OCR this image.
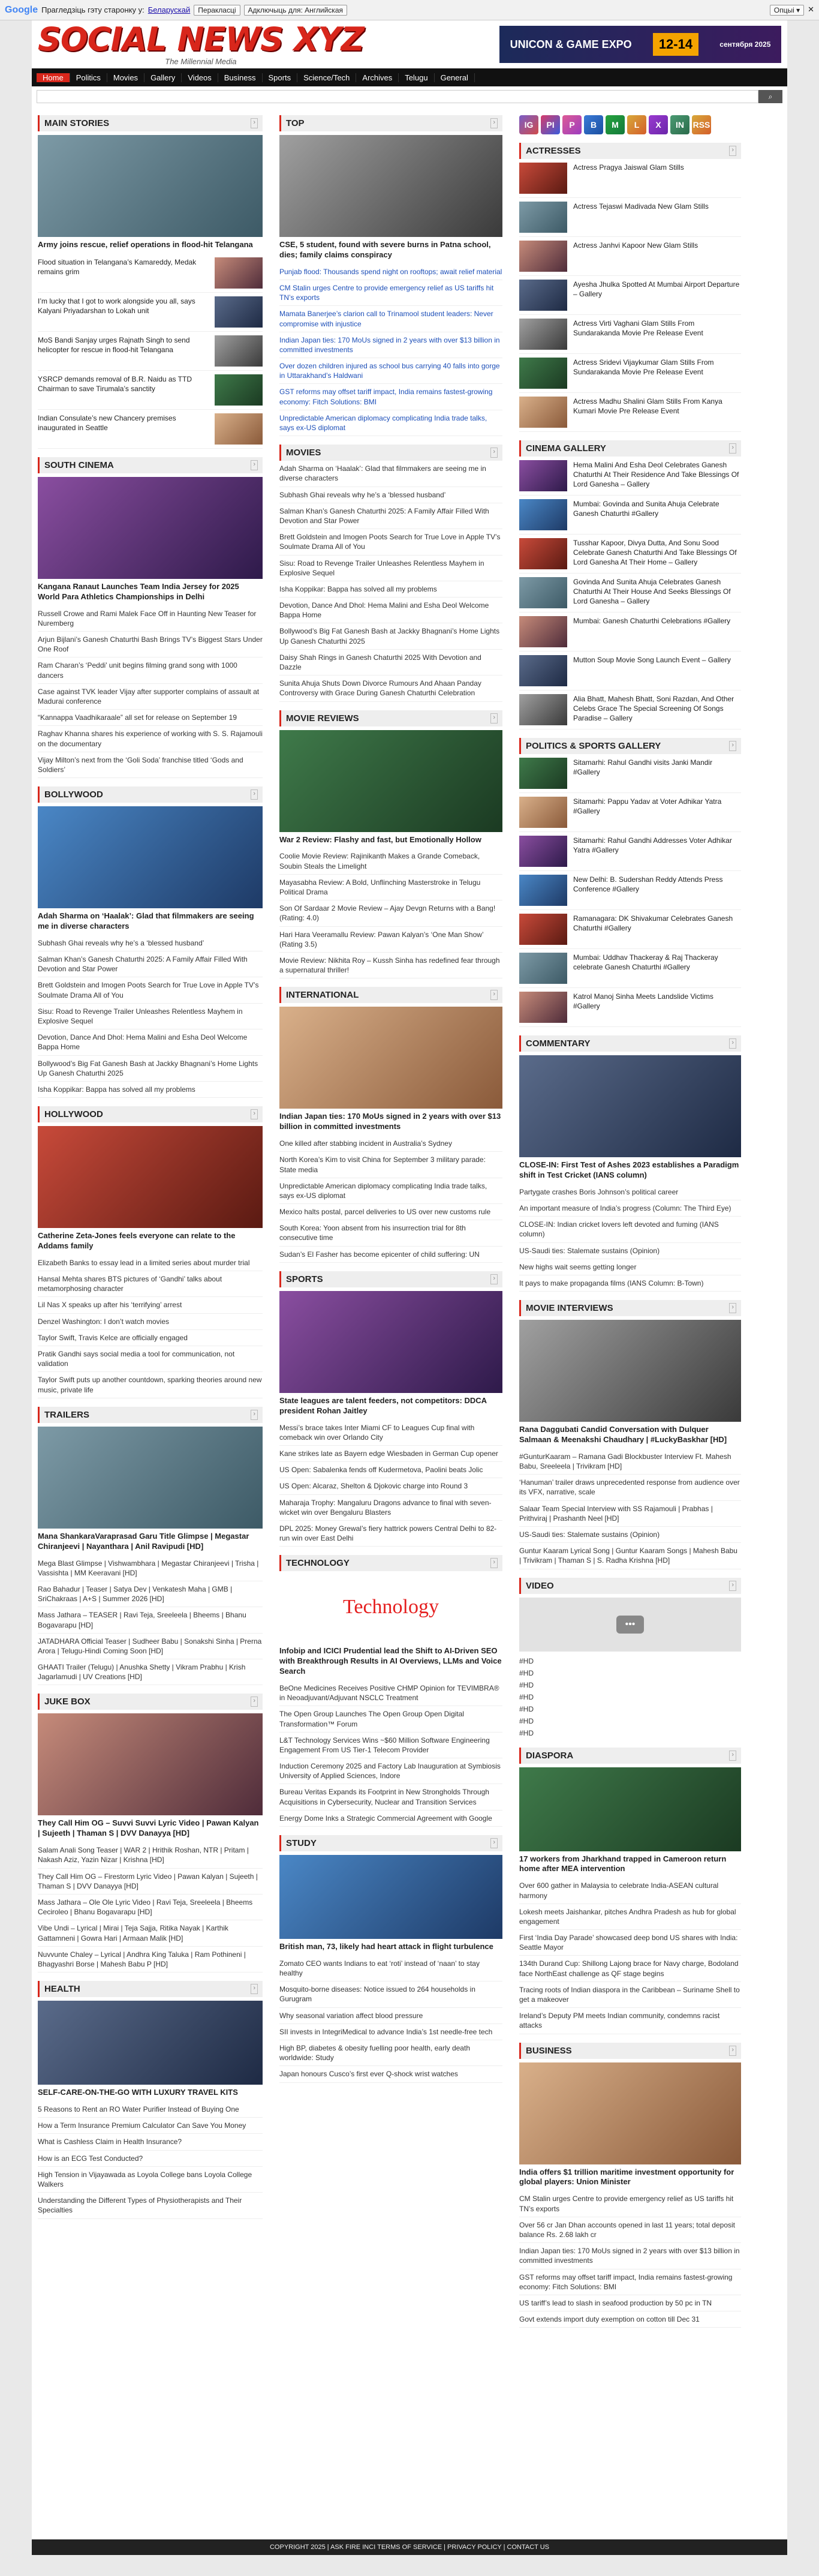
Google Прагледзіць гэту старонку у: Беларускай	Перакласці	Адключыць для: Английская	Опцыі ▾	✕
SOCIAL NEWS XYZ
The Millennial Media
UNICON & GAME EXPO	12-14	сентября 2025
Home	Politics	Movies	Gallery	Videos	Business	Sports	Science/Tech	Archives	Telugu	General
⌕
MAIN STORIES	›
Army joins rescue, relief operations in flood-hit Telangana
Flood situation in Telangana’s Kamareddy, Medak remains grim
I’m lucky that I got to work alongside you all, says Kalyani Priyadarshan to Lokah unit
MoS Bandi Sanjay urges Rajnath Singh to send helicopter for rescue in flood-hit Telangana
YSRCP demands removal of B.R. Naidu as TTD Chairman to save Tirumala’s sanctity
Indian Consulate’s new Chancery premises inaugurated in Seattle
SOUTH CINEMA	›
Kangana Ranaut Launches Team India Jersey for 2025 World Para Athletics Championships in Delhi
Russell Crowe and Rami Malek Face Off in Haunting New Teaser for Nuremberg
Arjun Bijlani’s Ganesh Chaturthi Bash Brings TV’s Biggest Stars Under One Roof
Ram Charan’s ‘Peddi’ unit begins filming grand song with 1000 dancers
Case against TVK leader Vijay after supporter complains of assault at Madurai conference
“Kannappa Vaadhikaraale” all set for release on September 19
Raghav Khanna shares his experience of working with S. S. Rajamouli on the documentary
Vijay Milton’s next from the ‘Goli Soda’ franchise titled ‘Gods and Soldiers’
BOLLYWOOD	›
Adah Sharma on ‘Haalak’: Glad that filmmakers are seeing me in diverse characters
Subhash Ghai reveals why he’s a ‘blessed husband’
Salman Khan’s Ganesh Chaturthi 2025: A Family Affair Filled With Devotion and Star Power
Brett Goldstein and Imogen Poots Search for True Love in Apple TV’s Soulmate Drama All of You
Sisu: Road to Revenge Trailer Unleashes Relentless Mayhem in Explosive Sequel
Devotion, Dance And Dhol: Hema Malini and Esha Deol Welcome Bappa Home
Bollywood’s Big Fat Ganesh Bash at Jackky Bhagnani’s Home Lights Up Ganesh Chaturthi 2025
Isha Koppikar: Bappa has solved all my problems
HOLLYWOOD	›
Catherine Zeta-Jones feels everyone can relate to the Addams family
Elizabeth Banks to essay lead in a limited series about murder trial
Hansal Mehta shares BTS pictures of ‘Gandhi’ talks about metamorphosing character
Lil Nas X speaks up after his ‘terrifying’ arrest
Denzel Washington: I don’t watch movies
Taylor Swift, Travis Kelce are officially engaged
Pratik Gandhi says social media a tool for communication, not validation
Taylor Swift puts up another countdown, sparking theories around new music, private life
TRAILERS	›
Mana ShankaraVaraprasad Garu Title Glimpse | Megastar Chiranjeevi | Nayanthara | Anil Ravipudi [HD]
Mega Blast Glimpse | Vishwambhara | Megastar Chiranjeevi | Trisha | Vassishta | MM Keeravani [HD]
Rao Bahadur | Teaser | Satya Dev | Venkatesh Maha | GMB | SriChakraas | A+S | Summer 2026 [HD]
Mass Jathara – TEASER | Ravi Teja, Sreeleela | Bheems | Bhanu Bogavarapu [HD]
JATADHARA Official Teaser | Sudheer Babu | Sonakshi Sinha | Prerna Arora | Telugu-Hindi Coming Soon [HD]
GHAATI Trailer (Telugu) | Anushka Shetty | Vikram Prabhu | Krish Jagarlamudi | UV Creations [HD]
JUKE BOX	›
They Call Him OG – Suvvi Suvvi Lyric Video | Pawan Kalyan | Sujeeth | Thaman S | DVV Danayya [HD]
Salam Anali Song Teaser | WAR 2 | Hrithik Roshan, NTR | Pritam | Nakash Aziz, Yazin Nizar | Krishna [HD]
They Call Him OG – Firestorm Lyric Video | Pawan Kalyan | Sujeeth | Thaman S | DVV Danayya [HD]
Mass Jathara – Ole Ole Lyric Video | Ravi Teja, Sreeleela | Bheems Ceciroleo | Bhanu Bogavarapu [HD]
Vibe Undi – Lyrical | Mirai | Teja Sajja, Ritika Nayak | Karthik Gattamneni | Gowra Hari | Armaan Malik [HD]
Nuvvunte Chaley – Lyrical | Andhra King Taluka | Ram Pothineni | Bhagyashri Borse | Mahesh Babu P [HD]
HEALTH	›
SELF-CARE-ON-THE-GO WITH LUXURY TRAVEL KITS
5 Reasons to Rent an RO Water Purifier Instead of Buying One
How a Term Insurance Premium Calculator Can Save You Money
What is Cashless Claim in Health Insurance?
How is an ECG Test Conducted?
High Tension in Vijayawada as Loyola College bans Loyola College Walkers
Understanding the Different Types of Physiotherapists and Their Specialties
TOP	›
CSE, 5 student, found with severe burns in Patna school, dies; family claims conspiracy
Punjab flood: Thousands spend night on rooftops; await relief material
CM Stalin urges Centre to provide emergency relief as US tariffs hit TN’s exports
Mamata Banerjee’s clarion call to Trinamool student leaders: Never compromise with injustice
Indian Japan ties: 170 MoUs signed in 2 years with over $13 billion in committed investments
Over dozen children injured as school bus carrying 40 falls into gorge in Uttarakhand’s Haldwani
GST reforms may offset tariff impact, India remains fastest-growing economy: Fitch Solutions: BMI
Unpredictable American diplomacy complicating India trade talks, says ex-US diplomat
MOVIES	›
Adah Sharma on ‘Haalak’: Glad that filmmakers are seeing me in diverse characters
Subhash Ghai reveals why he’s a ‘blessed husband’
Salman Khan’s Ganesh Chaturthi 2025: A Family Affair Filled With Devotion and Star Power
Brett Goldstein and Imogen Poots Search for True Love in Apple TV’s Soulmate Drama All of You
Sisu: Road to Revenge Trailer Unleashes Relentless Mayhem in Explosive Sequel
Isha Koppikar: Bappa has solved all my problems
Devotion, Dance And Dhol: Hema Malini and Esha Deol Welcome Bappa Home
Bollywood’s Big Fat Ganesh Bash at Jackky Bhagnani’s Home Lights Up Ganesh Chaturthi 2025
Daisy Shah Rings in Ganesh Chaturthi 2025 With Devotion and Dazzle
Sunita Ahuja Shuts Down Divorce Rumours And Ahaan Panday Controversy with Grace During Ganesh Chaturthi Celebration
MOVIE REVIEWS	›
War 2 Review: Flashy and fast, but Emotionally Hollow
Coolie Movie Review: Rajinikanth Makes a Grande Comeback, Soubin Steals the Limelight
Mayasabha Review: A Bold, Unflinching Masterstroke in Telugu Political Drama
Son Of Sardaar 2 Movie Review – Ajay Devgn Returns with a Bang! (Rating: 4.0)
Hari Hara Veeramallu Review: Pawan Kalyan’s ‘One Man Show’ (Rating 3.5)
Movie Review: Nikhita Roy – Kussh Sinha has redefined fear through a supernatural thriller!
INTERNATIONAL	›
Indian Japan ties: 170 MoUs signed in 2 years with over $13 billion in committed investments
One killed after stabbing incident in Australia’s Sydney
North Korea’s Kim to visit China for September 3 military parade: State media
Unpredictable American diplomacy complicating India trade talks, says ex-US diplomat
Mexico halts postal, parcel deliveries to US over new customs rule
South Korea: Yoon absent from his insurrection trial for 8th consecutive time
Sudan’s El Fasher has become epicenter of child suffering: UN
SPORTS	›
State leagues are talent feeders, not competitors: DDCA president Rohan Jaitley
Messi’s brace takes Inter Miami CF to Leagues Cup final with comeback win over Orlando City
Kane strikes late as Bayern edge Wiesbaden in German Cup opener
US Open: Sabalenka fends off Kudermetova, Paolini beats Jolic
US Open: Alcaraz, Shelton & Djokovic charge into Round 3
Maharaja Trophy: Mangaluru Dragons advance to final with seven-wicket win over Bengaluru Blasters
DPL 2025: Money Grewal’s fiery hattrick powers Central Delhi to 82-run win over East Delhi
TECHNOLOGY	›
Technology
Infobip and ICICI Prudential lead the Shift to AI-Driven SEO with Breakthrough Results in AI Overviews, LLMs and Voice Search
BeOne Medicines Receives Positive CHMP Opinion for TEVIMBRA® in Neoadjuvant/Adjuvant NSCLC Treatment
The Open Group Launches The Open Group Open Digital Transformation™ Forum
L&T Technology Services Wins ~$60 Million Software Engineering Engagement From US Tier-1 Telecom Provider
Induction Ceremony 2025 and Factory Lab Inauguration at Symbiosis University of Applied Sciences, Indore
Bureau Veritas Expands its Footprint in New Strongholds Through Acquisitions in Cybersecurity, Nuclear and Transition Services
Energy Dome Inks a Strategic Commercial Agreement with Google
STUDY	›
British man, 73, likely had heart attack in flight turbulence
Zomato CEO wants Indians to eat ‘roti’ instead of ‘naan’ to stay healthy
Mosquito-borne diseases: Notice issued to 264 households in Gurugram
Why seasonal variation affect blood pressure
SII invests in IntegriMedical to advance India’s 1st needle-free tech
High BP, diabetes & obesity fuelling poor health, early death worldwide: Study
Japan honours Cusco’s first ever Q-shock wrist watches
IG	PI	P	B	M	L	X	IN	RSS
ACTRESSES	›
Actress Pragya Jaiswal Glam Stills
Actress Tejaswi Madivada New Glam Stills
Actress Janhvi Kapoor New Glam Stills
Ayesha Jhulka Spotted At Mumbai Airport Departure – Gallery
Actress Virti Vaghani Glam Stills From Sundarakanda Movie Pre Release Event
Actress Sridevi Vijaykumar Glam Stills From Sundarakanda Movie Pre Release Event
Actress Madhu Shalini Glam Stills From Kanya Kumari Movie Pre Release Event
CINEMA GALLERY	›
Hema Malini And Esha Deol Celebrates Ganesh Chaturthi At Their Residence And Take Blessings Of Lord Ganesha – Gallery
Mumbai: Govinda and Sunita Ahuja Celebrate Ganesh Chaturthi #Gallery
Tusshar Kapoor, Divya Dutta, And Sonu Sood Celebrate Ganesh Chaturthi And Take Blessings Of Lord Ganesha At Their Home – Gallery
Govinda And Sunita Ahuja Celebrates Ganesh Chaturthi At Their House And Seeks Blessings Of Lord Ganesha – Gallery
Mumbai: Ganesh Chaturthi Celebrations #Gallery
Mutton Soup Movie Song Launch Event – Gallery
Alia Bhatt, Mahesh Bhatt, Soni Razdan, And Other Celebs Grace The Special Screening Of Songs Paradise – Gallery
POLITICS & SPORTS GALLERY	›
Sitamarhi: Rahul Gandhi visits Janki Mandir #Gallery
Sitamarhi: Pappu Yadav at Voter Adhikar Yatra #Gallery
Sitamarhi: Rahul Gandhi Addresses Voter Adhikar Yatra #Gallery
New Delhi: B. Sudershan Reddy Attends Press Conference #Gallery
Ramanagara: DK Shivakumar Celebrates Ganesh Chaturthi #Gallery
Mumbai: Uddhav Thackeray & Raj Thackeray celebrate Ganesh Chaturthi #Gallery
Katrol Manoj Sinha Meets Landslide Victims #Gallery
COMMENTARY	›
CLOSE-IN: First Test of Ashes 2023 establishes a Paradigm shift in Test Cricket (IANS column)
Partygate crashes Boris Johnson’s political career
An important measure of India’s progress (Column: The Third Eye)
CLOSE-IN: Indian cricket lovers left devoted and fuming (IANS column)
US-Saudi ties: Stalemate sustains (Opinion)
New highs wait seems getting longer
It pays to make propaganda films (IANS Column: B-Town)
MOVIE INTERVIEWS	›
Rana Daggubati Candid Conversation with Dulquer Salmaan & Meenakshi Chaudhary | #LuckyBaskhar [HD]
#GunturKaaram – Ramana Gadi Blockbuster Interview Ft. Mahesh Babu, Sreeleela | Trivikram [HD]
‘Hanuman’ trailer draws unprecedented response from audience over its VFX, narrative, scale
Salaar Team Special Interview with SS Rajamouli | Prabhas | Prithviraj | Prashanth Neel [HD]
US-Saudi ties: Stalemate sustains (Opinion)
Guntur Kaaram Lyrical Song | Guntur Kaaram Songs | Mahesh Babu | Trivikram | Thaman S | S. Radha Krishna [HD]
VIDEO	›
•••
#HD
#HD
#HD
#HD
#HD
#HD
#HD
DIASPORA	›
17 workers from Jharkhand trapped in Cameroon return home after MEA intervention
Over 600 gather in Malaysia to celebrate India-ASEAN cultural harmony
Lokesh meets Jaishankar, pitches Andhra Pradesh as hub for global engagement
First ‘India Day Parade’ showcased deep bond US shares with India: Seattle Mayor
134th Durand Cup: Shillong Lajong brace for Navy charge, Bodoland face NorthEast challenge as QF stage begins
Tracing roots of Indian diaspora in the Caribbean – Suriname Shell to get a makeover
Ireland’s Deputy PM meets Indian community, condemns racist attacks
BUSINESS	›
India offers $1 trillion maritime investment opportunity for global players: Union Minister
CM Stalin urges Centre to provide emergency relief as US tariffs hit TN’s exports
Over 56 cr Jan Dhan accounts opened in last 11 years; total deposit balance Rs. 2.68 lakh cr
Indian Japan ties: 170 MoUs signed in 2 years with over $13 billion in committed investments
GST reforms may offset tariff impact, India remains fastest-growing economy: Fitch Solutions: BMI
US tariff’s lead to slash in seafood production by 50 pc in TN
Govt extends import duty exemption on cotton till Dec 31
COPYRIGHT 2025 | ASK FIRE INCI TERMS OF SERVICE | PRIVACY POLICY | CONTACT US
